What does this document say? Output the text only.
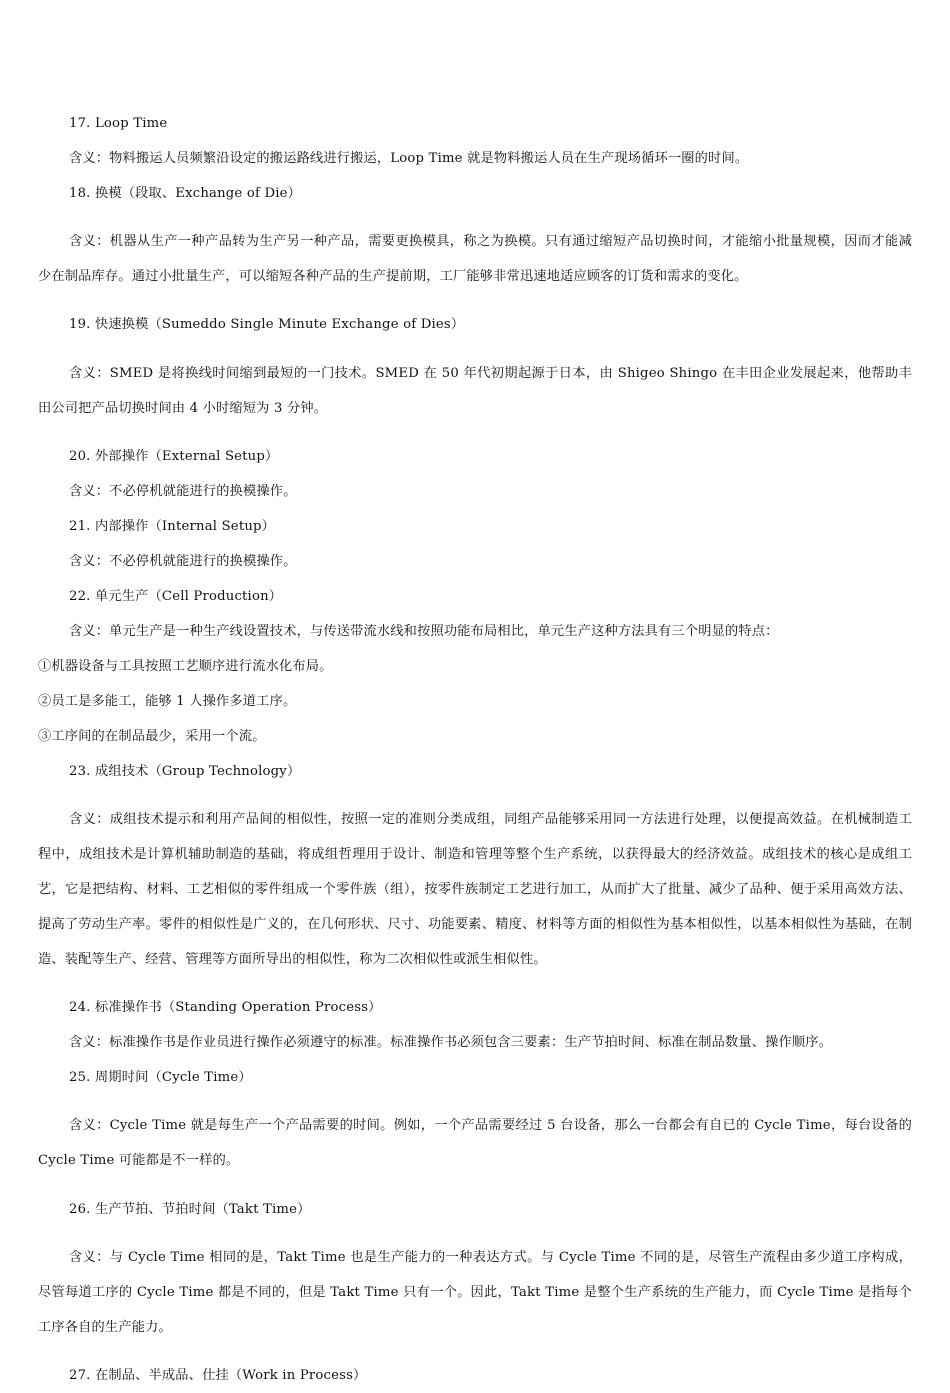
17. Loop Time

含义：物料搬运人员频繁沿设定的搬运路线进行搬运，Loop Time 就是物料搬运人员在生产现场循环一圈的时间。

18. 换模（段取、Exchange of Die）

含义：机器从生产一种产品转为生产另一种产品，需要更换模具，称之为换模。只有通过缩短产品切换时间，才能缩小批量规模，因而才能减少在制品库存。通过小批量生产，可以缩短各种产品的生产提前期，工厂能够非常迅速地适应顾客的订货和需求的变化。

19. 快速换模（Sumeddo Single Minute Exchange of Dies）

含义：SMED 是将换线时间缩到最短的一门技术。SMED 在 50 年代初期起源于日本，由 Shigeo Shingo 在丰田企业发展起来，他帮助丰田公司把产品切换时间由 4 小时缩短为 3 分钟。

20. 外部操作（External Setup）

含义：不必停机就能进行的换模操作。

21. 内部操作（Internal Setup）

含义：不必停机就能进行的换模操作。

22. 单元生产（Cell Production）

含义：单元生产是一种生产线设置技术，与传送带流水线和按照功能布局相比，单元生产这种方法具有三个明显的特点：

①机器设备与工具按照工艺顺序进行流水化布局。

②员工是多能工，能够 1 人操作多道工序。

③工序间的在制品最少，采用一个流。

23. 成组技术（Group Technology）

含义：成组技术提示和利用产品间的相似性，按照一定的准则分类成组，同组产品能够采用同一方法进行处理，以便提高效益。在机械制造工程中，成组技术是计算机辅助制造的基础，将成组哲理用于设计、制造和管理等整个生产系统，以获得最大的经济效益。成组技术的核心是成组工艺，它是把结构、材料、工艺相似的零件组成一个零件族（组），按零件族制定工艺进行加工，从而扩大了批量、减少了品种、便于采用高效方法、提高了劳动生产率。零件的相似性是广义的，在几何形状、尺寸、功能要素、精度、材料等方面的相似性为基本相似性，以基本相似性为基础，在制造、装配等生产、经营、管理等方面所导出的相似性，称为二次相似性或派生相似性。

24. 标准操作书（Standing Operation Process）

含义：标准操作书是作业员进行操作必须遵守的标准。标准操作书必须包含三要素：生产节拍时间、标准在制品数量、操作顺序。

25. 周期时间（Cycle Time）

含义：Cycle Time 就是每生产一个产品需要的时间。例如，一个产品需要经过 5 台设备，那么一台都会有自已的 Cycle Time，每台设备的 Cycle Time 可能都是不一样的。

26. 生产节拍、节拍时间（Takt Time）

含义：与 Cycle Time 相同的是，Takt Time 也是生产能力的一种表达方式。与 Cycle Time 不同的是，尽管生产流程由多少道工序构成，尽管每道工序的 Cycle Time 都是不同的，但是 Takt Time 只有一个。因此，Takt Time 是整个生产系统的生产能力，而 Cycle Time 是指每个工序各自的生产能力。

27. 在制品、半成品、仕挂（Work in Process）
